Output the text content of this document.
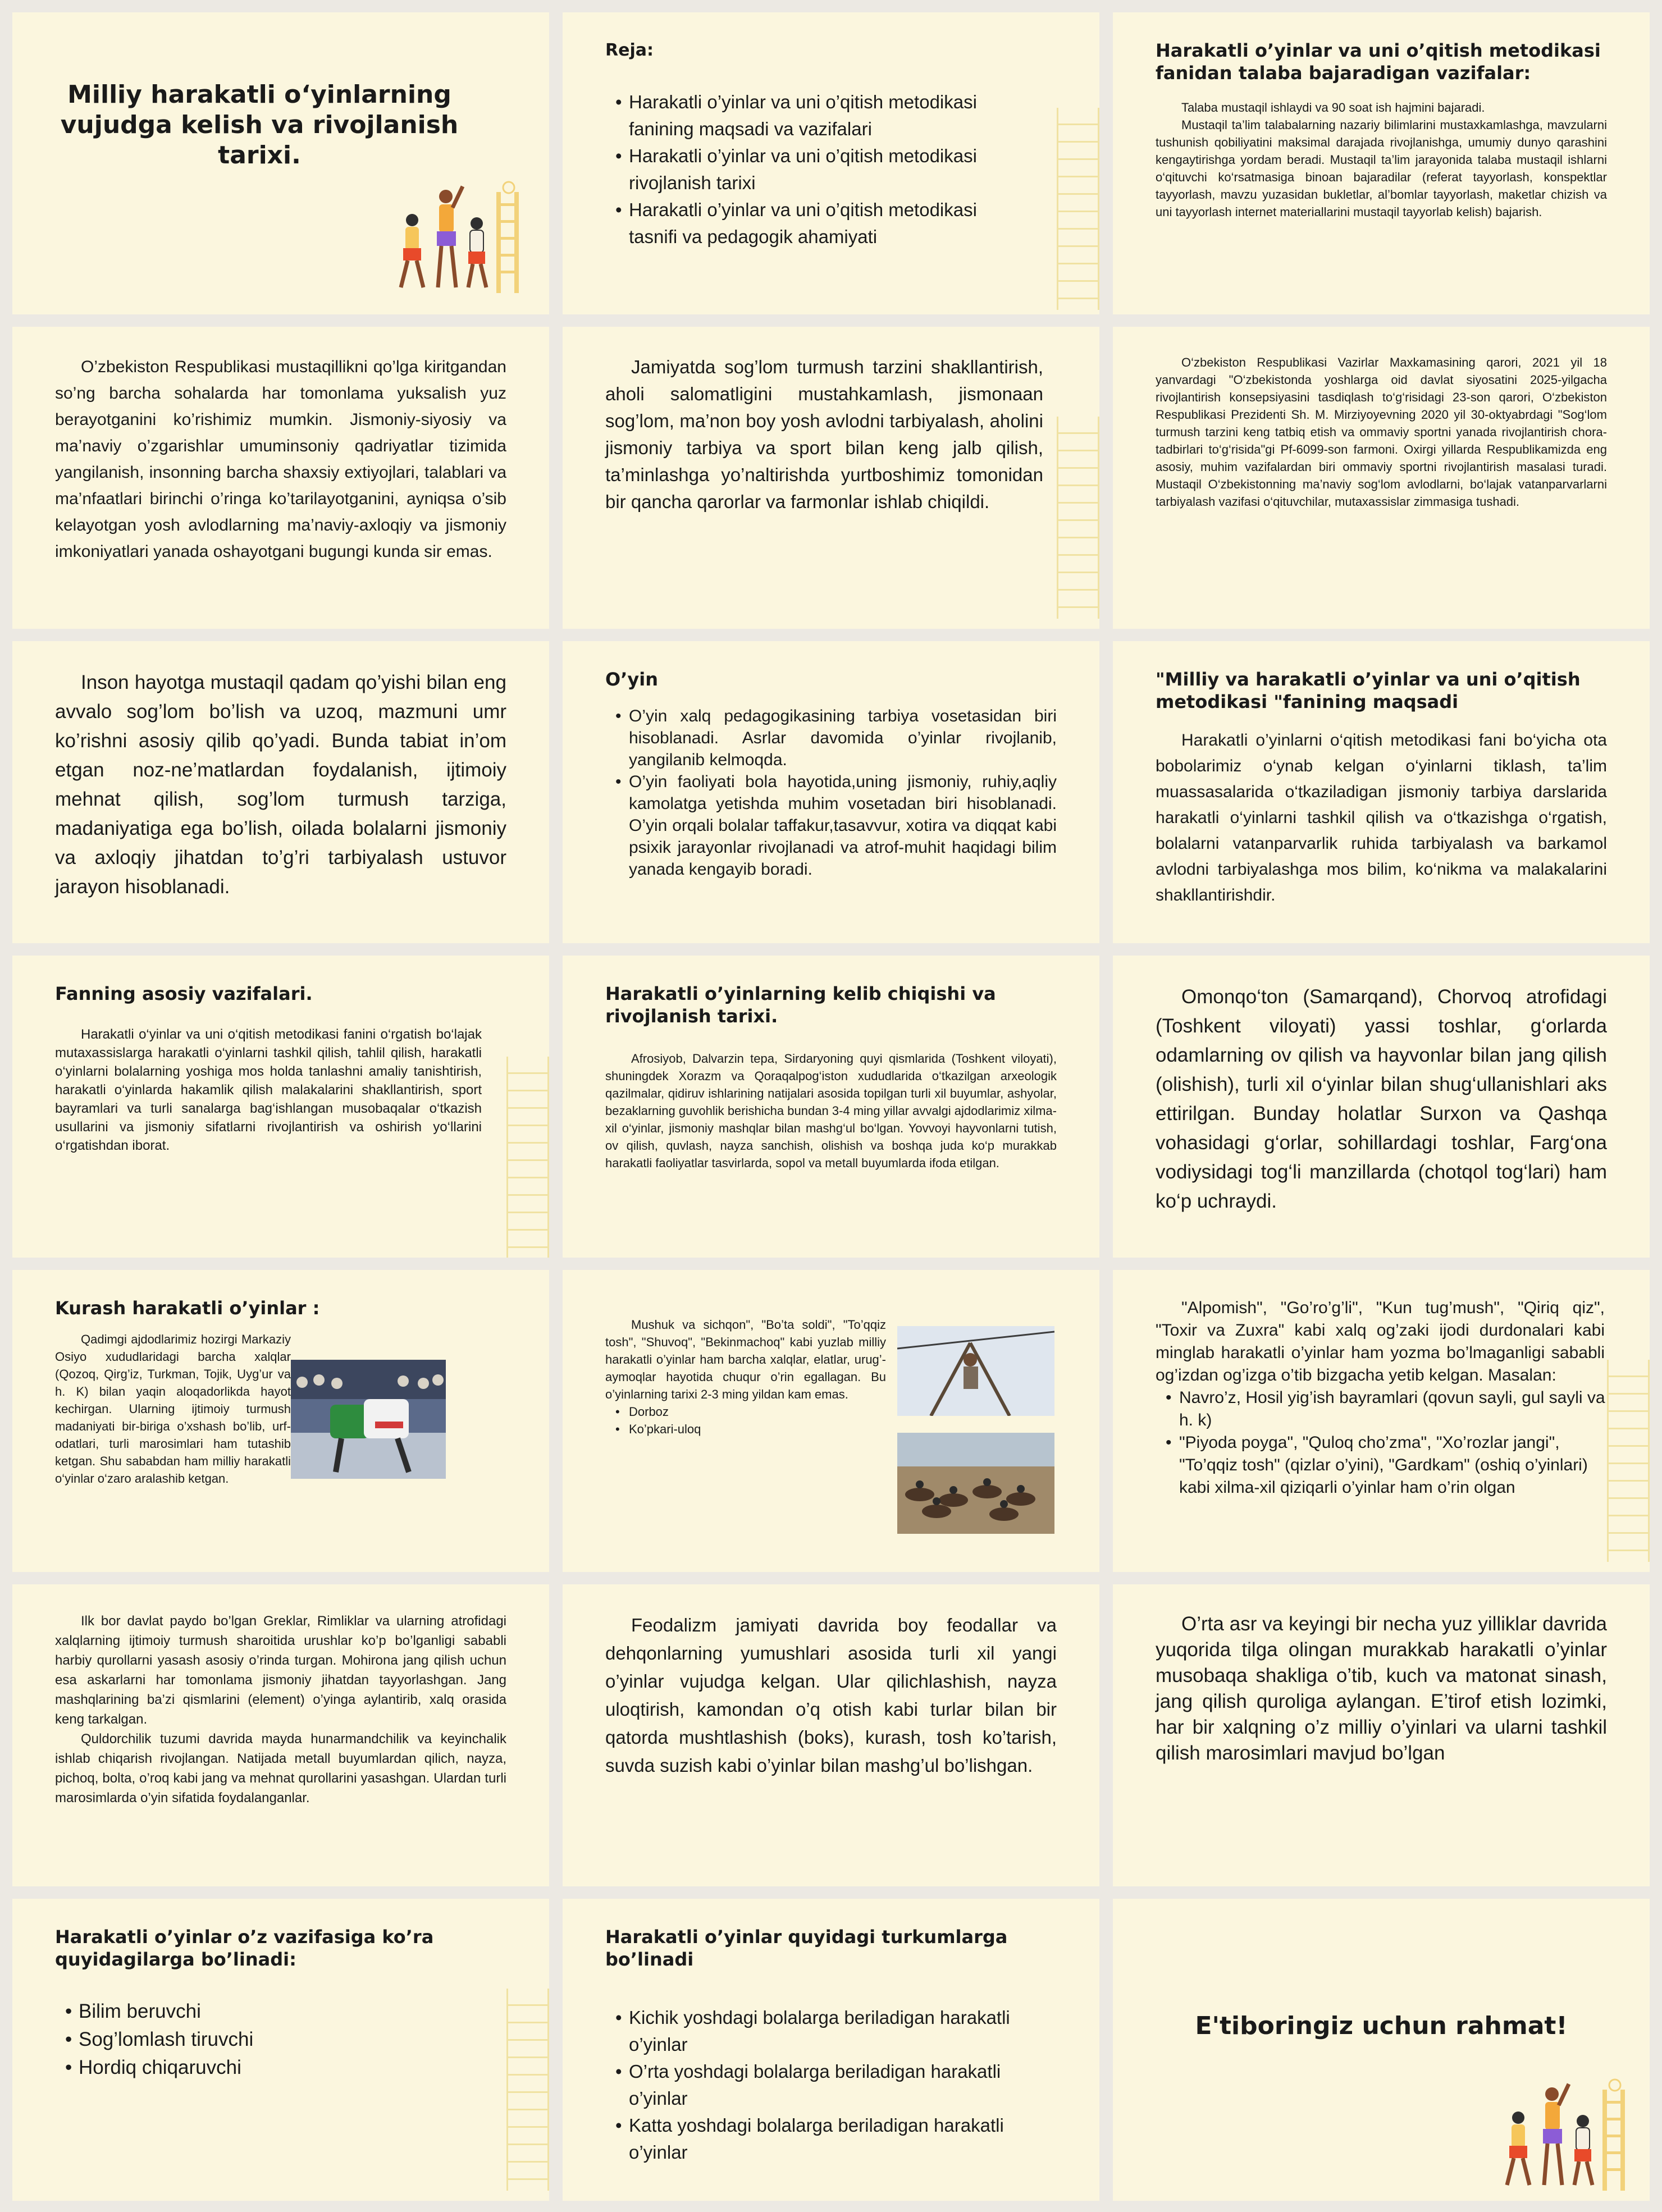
Milliy harakatli o‘yinlarning vujudga kelish va rivojlanish tarixi.
Reja:
• Harakatli o’yinlar va uni o’qitish metodikasi fanining maqsadi va vazifalari
• Harakatli o’yinlar va uni o’qitish metodikasi rivojlanish tarixi
• Harakatli o’yinlar va uni o’qitish metodikasi tasnifi va pedagogik ahamiyati
Harakatli o’yinlar va uni o’qitish metodikasi fanidan talaba bajaradigan vazifalar:

Talaba mustaqil ishlaydi va 90 soat ish hajmini bajaradi.

Mustaqil ta’lim talabalarning nazariy bilimlarini mustaxkamlashga, mavzularni tushunish qobiliyatini maksimal darajada rivojlanishga, umumiy dunyo qarashini kengaytirishga yordam beradi. Mustaqil ta’lim jarayonida talaba mustaqil ishlarni o‘qituvchi ko‘rsatmasiga binoan bajaradilar (referat tayyorlash, konspektlar tayyorlash, mavzu yuzasidan bukletlar, al’bomlar tayyorlash, maketlar chizish va uni tayyorlash internet materiallarini mustaqil tayyorlab kelish) bajarish.

O’zbekiston Respublikasi mustaqillikni qo’lga kiritgandan so’ng barcha sohalarda har tomonlama yuksalish yuz berayotganini ko’rishimiz mumkin. Jismoniy-siyosiy va ma’naviy o’zgarishlar umuminsoniy qadriyatlar tizimida yangilanish, insonning barcha shaxsiy extiyojlari, talablari va ma’nfaatlari birinchi o’ringa ko’tarilayotganini, ayniqsa o’sib kelayotgan yosh avlodlarning ma’naviy-axloqiy va jismoniy imkoniyatlari yanada oshayotgani bugungi kunda sir emas.

Jamiyatda sog’lom turmush tarzini shakllantirish, aholi salomatligini mustahkamlash, jismonaan sog’lom, ma’non boy yosh avlodni tarbiyalash, aholini jismoniy tarbiya va sport bilan keng jalb qilish, ta’minlashga yo’naltirishda yurtboshimiz tomonidan bir qancha qarorlar va farmonlar ishlab chiqildi.

O‘zbekiston Respublikasi Vazirlar Maxkamasining qarori, 2021 yil 18 yanvardagi "O‘zbekistonda yoshlarga oid davlat siyosatini 2025-yilgacha rivojlantirish konsepsiyasini tasdiqlash to‘g‘risidagi 23-son qarori, O‘zbekiston Respublikasi Prezidenti Sh. M. Mirziyoyevning 2020 yil 30-oktyabrdagi "Sog‘lom turmush tarzini keng tatbiq etish va ommaviy sportni yanada rivojlantirish chora-tadbirlari to‘g‘risida"gi Pf-6099-son farmoni. Oxirgi yillarda Respublikamizda eng asosiy, muhim vazifalardan biri ommaviy sportni rivojlantirish masalasi turadi. Mustaqil O‘zbekistonning ma’naviy sog‘lom avlodlarni, bo‘lajak vatanparvarlarni tarbiyalash vazifasi o‘qituvchilar, mutaxassislar zimmasiga tushadi.

Inson hayotga mustaqil qadam qo’yishi bilan eng avvalo sog’lom bo’lish va uzoq, mazmuni umr ko’rishni asosiy qilib qo’yadi. Bunda tabiat in’om etgan noz-ne’matlardan foydalanish, ijtimoiy mehnat qilish, sog’lom turmush tarziga, madaniyatiga ega bo’lish, oilada bolalarni jismoniy va axloqiy jihatdan to’g’ri tarbiyalash ustuvor jarayon hisoblanadi.

O’yin
• O’yin xalq pedagogikasining tarbiya vosetasidan biri hisoblanadi. Asrlar davomida o’yinlar rivojlanib, yangilanib kelmoqda.
• O’yin faoliyati bola hayotida,uning jismoniy, ruhiy,aqliy kamolatga yetishda muhim vosetadan biri hisoblanadi. O’yin orqali bolalar taffakur,tasavvur, xotira va diqqat kabi psixik jarayonlar rivojlanadi va atrof-muhit haqidagi bilim yanada kengayib boradi.
"Milliy va harakatli o’yinlar va uni o’qitish metodikasi "fanining maqsadi

Harakatli o’yinlarni o‘qitish metodikasi fani bo‘yicha ota bobolarimiz o‘ynab kelgan o‘yinlarni tiklash, ta’lim muassasalarida o‘tkaziladigan jismoniy tarbiya darslarida harakatli o‘yinlarni tashkil qilish va o‘tkazishga o‘rgatish, bolalarni vatanparvarlik ruhida tarbiyalash va barkamol avlodni tarbiyalashga mos bilim, ko‘nikma va malakalarini shakllantirishdir.

Fanning asosiy vazifalari.

Harakatli o‘yinlar va uni o‘qitish metodikasi fanini o‘rgatish bo‘lajak mutaxassislarga harakatli o‘yinlarni tashkil qilish, tahlil qilish, harakatli o‘yinlarni bolalarning yoshiga mos holda tanlashni amaliy tanishtirish, harakatli o‘yinlarda hakamlik qilish malakalarini shakllantirish, sport bayramlari va turli sanalarga bag‘ishlangan musobaqalar o‘tkazish usullarini va jismoniy sifatlarni rivojlantirish va oshirish yo‘llarini o‘rgatishdan iborat.

Harakatli o’yinlarning kelib chiqishi va rivojlanish tarixi.

Afrosiyob, Dalvarzin tepa, Sirdaryoning quyi qismlarida (Toshkent viloyati), shuningdek Xorazm va Qoraqalpog‘iston xududlarida o‘tkazilgan arxeologik qazilmalar, qidiruv ishlarining natijalari asosida topilgan turli xil buyumlar, ashyolar, bezaklarning guvohlik berishicha bundan 3-4 ming yillar avvalgi ajdodlarimiz xilma-xil o‘yinlar, jismoniy mashqlar bilan mashg‘ul bo‘lgan. Yovvoyi hayvonlarni tutish, ov qilish, quvlash, nayza sanchish, olishish va boshqa juda ko‘p murakkab harakatli faoliyatlar tasvirlarda, sopol va metall buyumlarda ifoda etilgan.

Omonqo‘ton (Samarqand), Chorvoq atrofidagi (Toshkent viloyati) yassi toshlar, g‘orlarda odamlarning ov qilish va hayvonlar bilan jang qilish (olishish), turli xil o‘yinlar bilan shug‘ullanishlari aks ettirilgan. Bunday holatlar Surxon va Qashqa vohasidagi g‘orlar, sohillardagi toshlar, Farg‘ona vodiysidagi tog‘li manzillarda (chotqol tog‘lari) ham ko‘p uchraydi.

Kurash harakatli o’yinlar :

Qadimgi ajdodlarimiz hozirgi Markaziy Osiyo xududlaridagi barcha xalqlar (Qozoq, Qirg’iz, Turkman, Tojik, Uyg’ur va h. K) bilan yaqin aloqadorlikda hayot kechirgan. Ularning ijtimoiy turmush madaniyati bir-biriga o’xshash bo’lib, urf-odatlari, turli marosimlari ham tutashib ketgan. Shu sababdan ham milliy harakatli o‘yinlar o‘zaro aralashib ketgan.

Mushuk va sichqon", "Bo’ta soldi", "To’qqiz tosh", "Shuvoq", "Bekinmachoq" kabi yuzlab milliy harakatli o’yinlar ham barcha xalqlar, elatlar, urug’-aymoqlar hayotida chuqur o’rin egallagan. Bu o’yinlarning tarixi 2-3 ming yildan kam emas.

• Dorboz
• Ko’pkari-uloq

"Alpomish", "Go’ro’g’li", "Kun tug’mush", "Qiriq qiz", "Toxir va Zuxra" kabi xalq og’zaki ijodi durdonalari kabi minglab harakatli o’yinlar ham yozma bo’lmaganligi sababli og’izdan og’izga o’tib bizgacha yetib kelgan. Masalan:

• Navro’z, Hosil yig’ish bayramlari (qovun sayli, gul sayli va h. k)
• "Piyoda poyga", "Quloq cho’zma", "Xo’rozlar jangi", "To’qqiz tosh" (qizlar o’yini), "Gardkam" (oshiq o’yinlari) kabi xilma-xil qiziqarli o’yinlar ham o’rin olgan

Ilk bor davlat paydo bo’lgan Greklar, Rimliklar va ularning atrofidagi xalqlarning ijtimoiy turmush sharoitida urushlar ko’p bo’lganligi sababli harbiy qurollarni yasash asosiy o’rinda turgan. Mohirona jang qilish uchun esa askarlarni har tomonlama jismoniy jihatdan tayyorlashgan. Jang mashqlarining ba’zi qismlarini (element) o’yinga aylantirib, xalq orasida keng tarkalgan.

Quldorchilik tuzumi davrida mayda hunarmandchilik va keyinchalik ishlab chiqarish rivojlangan. Natijada metall buyumlardan qilich, nayza, pichoq, bolta, o’roq kabi jang va mehnat qurollarini yasashgan. Ulardan turli marosimlarda o’yin sifatida foydalanganlar.

Feodalizm jamiyati davrida boy feodallar va dehqonlarning yumushlari asosida turli xil yangi o’yinlar vujudga kelgan. Ular qilichlashish, nayza uloqtirish, kamondan o’q otish kabi turlar bilan bir qatorda mushtlashish (boks), kurash, tosh ko’tarish, suvda suzish kabi o’yinlar bilan mashg’ul bo’lishgan.

O’rta asr va keyingi bir necha yuz yilliklar davrida yuqorida tilga olingan murakkab harakatli o’yinlar musobaqa shakliga o’tib, kuch va matonat sinash, jang qilish quroliga aylangan. E’tirof etish lozimki, har bir xalqning o’z milliy o’yinlari va ularni tashkil qilish marosimlari mavjud bo’lgan

Harakatli o’yinlar o’z vazifasiga ko’ra quyidagilarga bo’linadi:
• Bilim beruvchi
• Sog’lomlash tiruvchi
• Hordiq chiqaruvchi
Harakatli o’yinlar quyidagi turkumlarga bo’linadi
• Kichik yoshdagi bolalarga beriladigan harakatli o’yinlar
• O’rta yoshdagi bolalarga beriladigan harakatli o’yinlar
• Katta yoshdagi bolalarga beriladigan harakatli o’yinlar
E'tiboringiz uchun rahmat!
